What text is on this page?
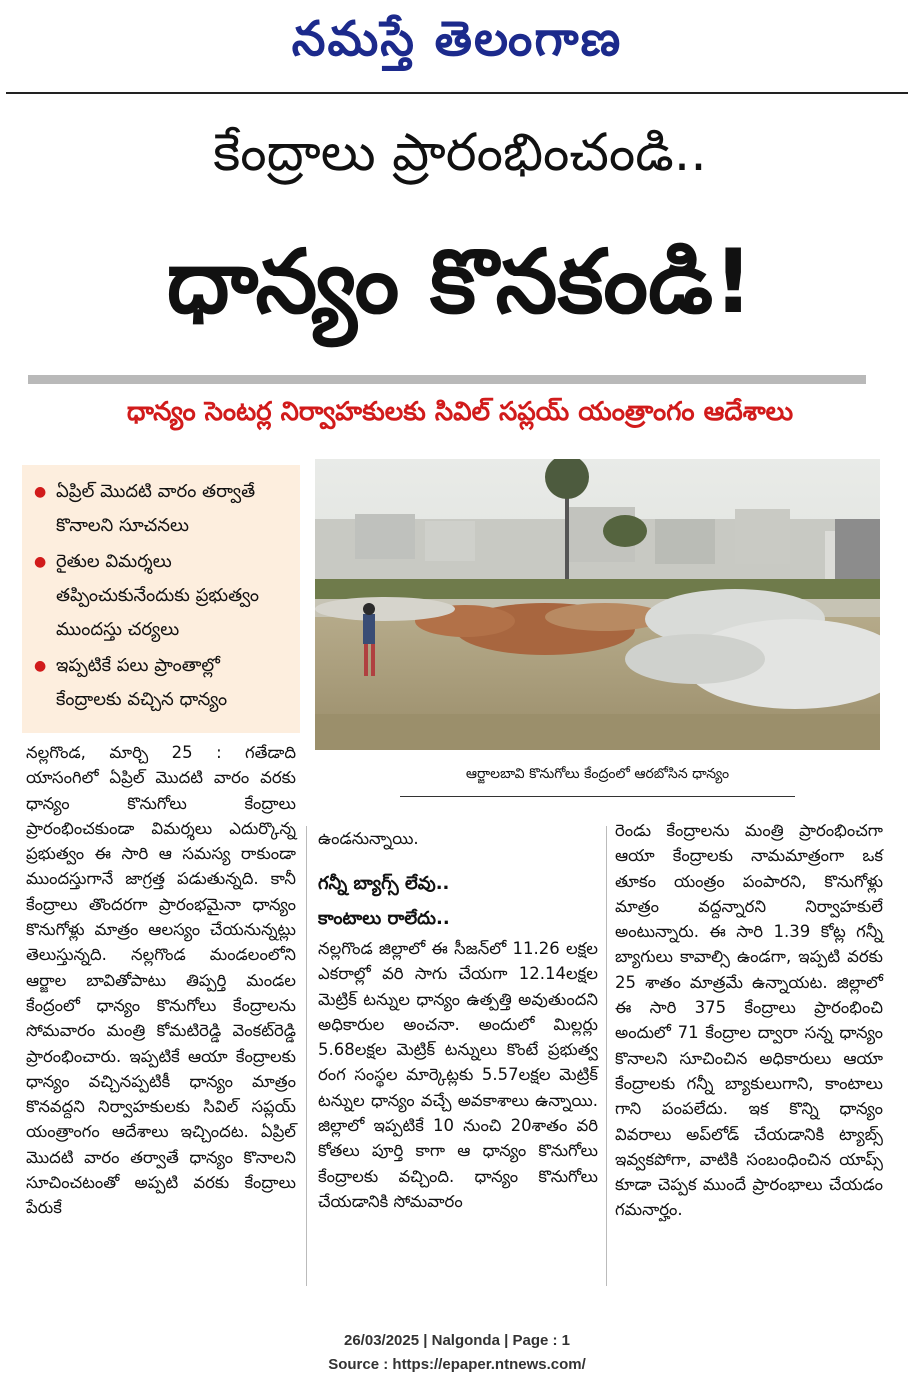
నమస్తే తెలంగాణ
కేంద్రాలు ప్రారంభించండి..
ధాన్యం కొనకండి!
ధాన్యం సెంటర్ల నిర్వాహకులకు సివిల్ సప్లయ్ యంత్రాంగం ఆదేశాలు
● ఏప్రిల్ మొదటి వారం తర్వాతే కొనాలని సూచనలు
● రైతుల విమర్శలు తప్పించుకునేందుకు ప్రభుత్వం ముందస్తు చర్యలు
● ఇప్పటికే పలు ప్రాంతాల్లో కేంద్రాలకు వచ్చిన ధాన్యం
ఆర్జాలబావి కొనుగోలు కేంద్రంలో ఆరబోసిన ధాన్యం
నల్లగొండ, మార్చి 25 : గతేడాది యాసంగిలో ఏప్రిల్ మొదటి వారం వరకు ధాన్యం కొనుగోలు కేంద్రాలు ప్రారంభించకుండా విమర్శలు ఎదుర్కొన్న ప్రభుత్వం ఈ సారి ఆ సమస్య రాకుండా ముందస్తుగానే జాగ్రత్త పడుతున్నది. కానీ కేంద్రాలు తొందరగా ప్రారంభమైనా ధాన్యం కొనుగోళ్లు మాత్రం ఆలస్యం చేయనున్నట్లు తెలుస్తున్నది. నల్లగొండ మండలంలోని ఆర్జాల బావితోపాటు తిప్పర్తి మండల కేంద్రంలో ధాన్యం కొనుగోలు కేంద్రాలను సోమవారం మంత్రి కోమటిరెడ్డి వెంకట్‌రెడ్డి ప్రారంభించారు. ఇప్పటికే ఆయా కేంద్రాలకు ధాన్యం వచ్చినప్పటికీ ధాన్యం మాత్రం కొనవద్దని నిర్వాహకులకు సివిల్ సప్లయ్ యంత్రాంగం ఆదేశాలు ఇచ్చిందట. ఏప్రిల్ మొదటి వారం తర్వాతే ధాన్యం కొనాలని సూచించటంతో అప్పటి వరకు కేంద్రాలు పేరుకే
ఉండనున్నాయి.
గన్నీ బ్యాగ్స్ లేవు..
కాంటాలు రాలేదు..
నల్లగొండ జిల్లాలో ఈ సీజన్‌లో 11.26 లక్షల ఎకరాల్లో వరి సాగు చేయగా 12.14లక్షల మెట్రిక్ టన్నుల ధాన్యం ఉత్పత్తి అవుతుందని అధికారుల అంచనా. అందులో మిల్లర్లు 5.68లక్షల మెట్రిక్ టన్నులు కొంటే ప్రభుత్వ రంగ సంస్థల మార్కెట్లకు 5.57లక్షల మెట్రిక్ టన్నుల ధాన్యం వచ్చే అవకాశాలు ఉన్నాయి. జిల్లాలో ఇప్పటికే 10 నుంచి 20శాతం వరి కోతలు పూర్తి కాగా ఆ ధాన్యం కొనుగోలు కేంద్రాలకు వచ్చింది. ధాన్యం కొనుగోలు చేయడానికి సోమవారం
రెండు కేంద్రాలను మంత్రి ప్రారంభించగా ఆయా కేంద్రాలకు నామమాత్రంగా ఒక తూకం యంత్రం పంపారని, కొనుగోళ్లు మాత్రం వద్దన్నారని నిర్వాహకులే అంటున్నారు. ఈ సారి 1.39 కోట్ల గన్నీ బ్యాగులు కావాల్సి ఉండగా, ఇప్పటి వరకు 25 శాతం మాత్రమే ఉన్నాయట. జిల్లాలో ఈ సారి 375 కేంద్రాలు ప్రారంభించి అందులో 71 కేంద్రాల ద్వారా సన్న ధాన్యం కొనాలని సూచించిన అధికారులు ఆయా కేంద్రాలకు గన్నీ బ్యాకులుగాని, కాంటాలు గాని పంపలేదు. ఇక కొన్ని ధాన్యం వివరాలు అప్‌లోడ్ చేయడానికి ట్యాబ్స్ ఇవ్వకపోగా, వాటికి సంబంధించిన యాప్స్ కూడా చెప్పక ముందే ప్రారంభాలు చేయడం గమనార్హం.
26/03/2025 | Nalgonda | Page : 1
Source : https://epaper.ntnews.com/
